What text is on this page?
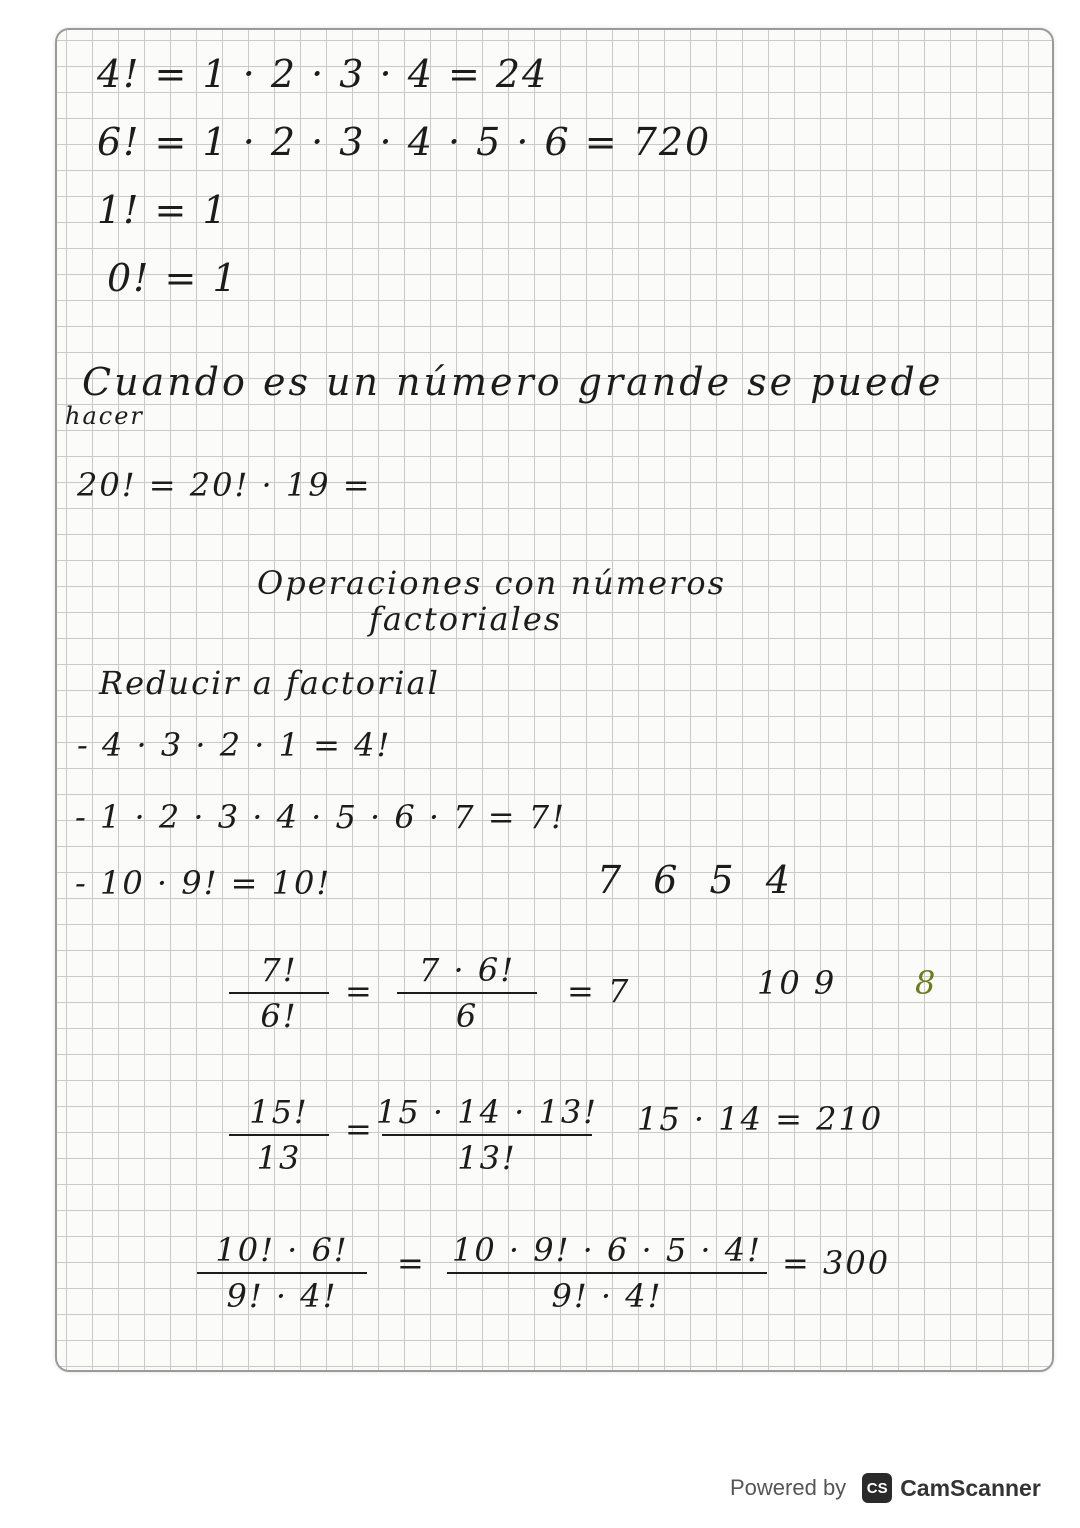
4! = 1 · 2 · 3 · 4 = 24
6! = 1 · 2 · 3 · 4 · 5 · 6 = 720
1! = 1
0! = 1
Cuando es un número grande se puede
hacer
20! = 20! · 19 =
Operaciones con números
factoriales
Reducir a factorial
- 4 · 3 · 2 · 1 = 4!
- 1 · 2 · 3 · 4 · 5 · 6 · 7 = 7!
- 10 · 9! = 10!	7 6 5 4
10 9 8
7!
6!
=
7 · 6!
6
= 7
15!
13
= 15 · 14 · 13!
13!
15 · 14 = 210
10! · 6!
9! · 4!
= 10 · 9! · 6 · 5 · 4!
9! · 4!
= 300
Powered by	CS CamScanner
